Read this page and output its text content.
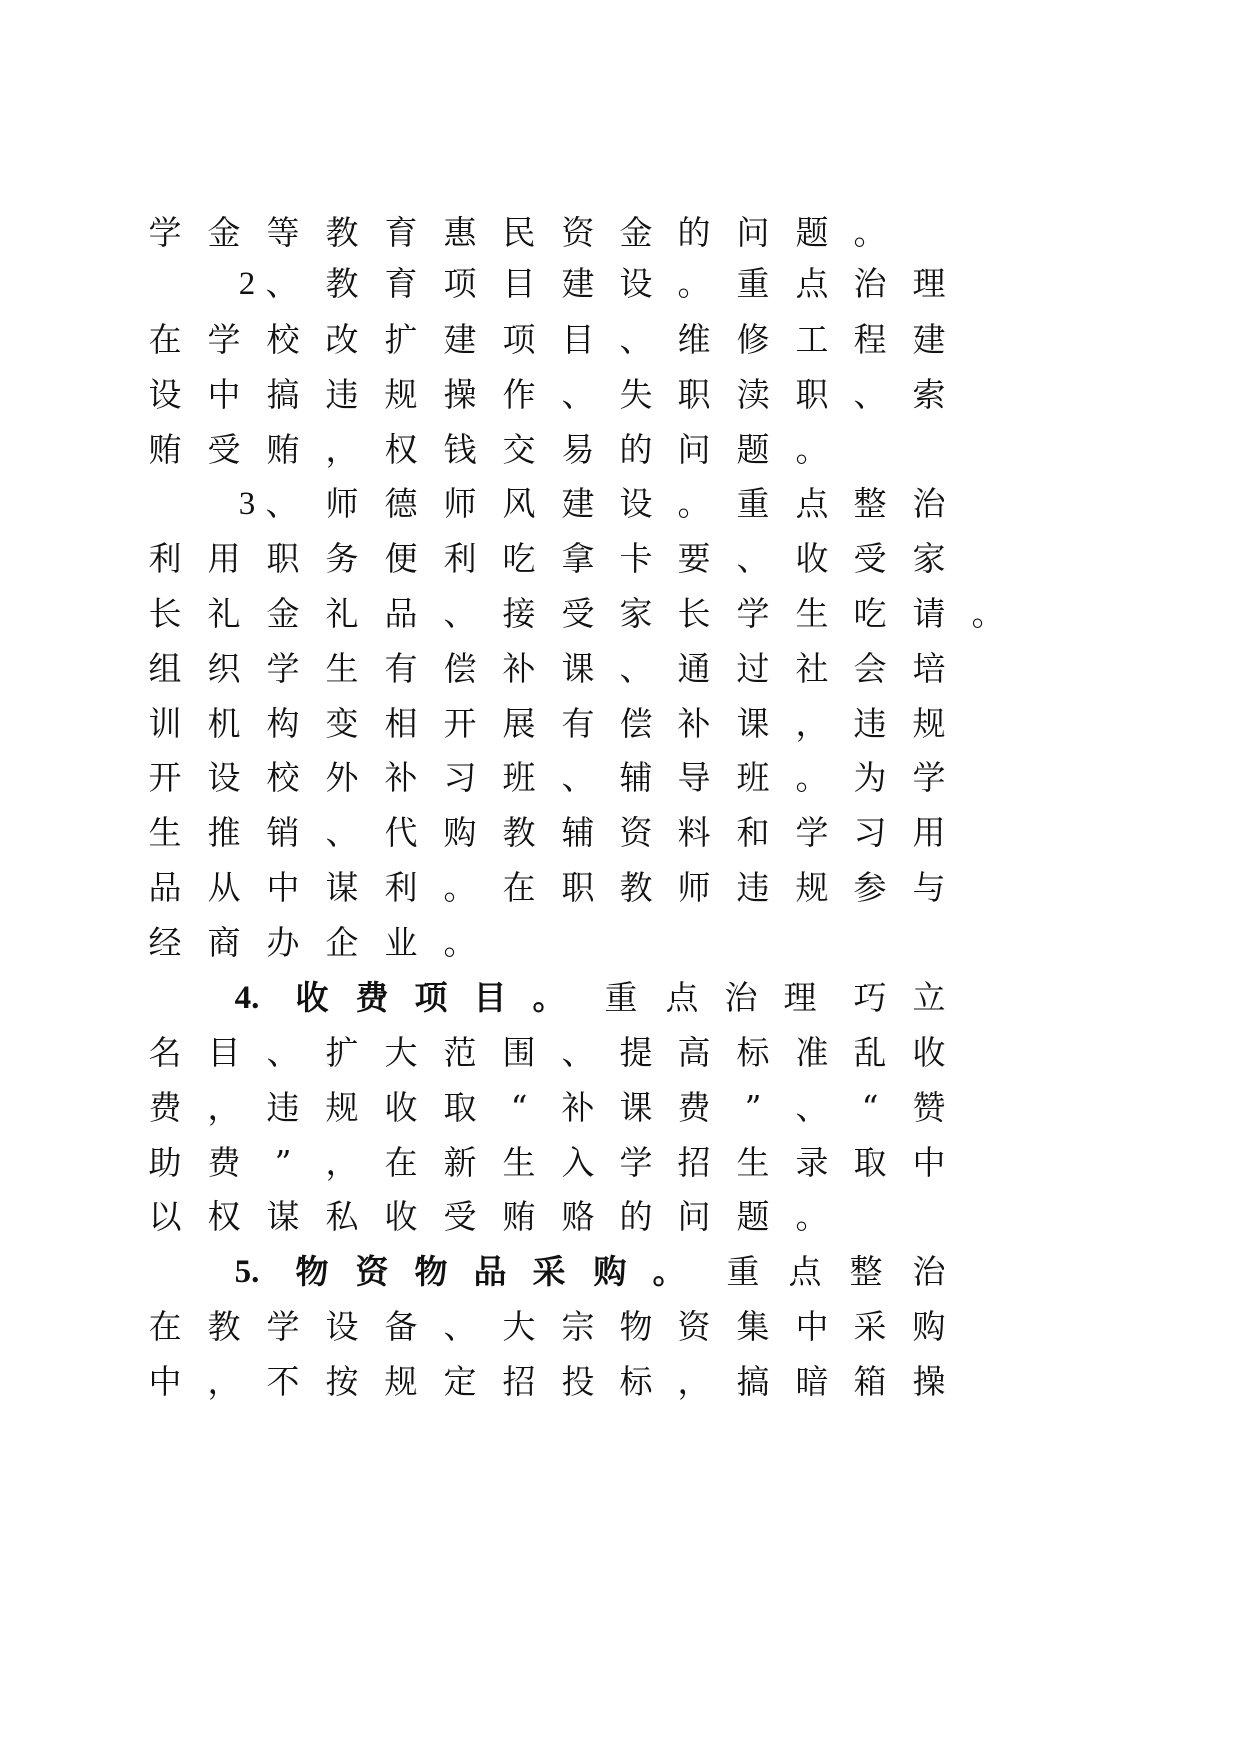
学 金 等 教 育 惠 民 资 金 的 问 题 。
2 、 教 育 项 目 建 设 。 重 点 治 理
在 学 校 改 扩 建 项 目 、 维 修 工 程 建
设 中 搞 违 规 操 作 、 失 职 渎 职 、 索
贿 受 贿 ， 权 钱 交 易 的 问 题 。
3 、 师 德 师 风 建 设 。 重 点 整 治
利 用 职 务 便 利 吃 拿 卡 要 、 收 受 家
长 礼 金 礼 品 、 接 受 家 长 学 生 吃 请 。
组 织 学 生 有 偿 补 课 、 通 过 社 会 培
训 机 构 变 相 开 展 有 偿 补 课 ， 违 规
开 设 校 外 补 习 班 、 辅 导 班 。 为 学
生 推 销 、 代 购 教 辅 资 料 和 学 习 用
品 从 中 谋 利 。 在 职 教 师 违 规 参 与
经 商 办 企 业 。
4. 收 费 项 目 。 重 点 治 理 巧 立
名 目 、 扩 大 范 围 、 提 高 标 准 乱 收
费 ， 违 规 收 取	“	补 课 费	”	、	“	赞
助 费	”	， 在 新 生 入 学 招 生 录 取 中
以 权 谋 私 收 受 贿 赂 的 问 题 。
5. 物 资 物 品 采 购 。 重 点 整 治
在 教 学 设 备 、 大 宗 物 资 集 中 采 购
中 ， 不 按 规 定 招 投 标 ， 搞 暗 箱 操
